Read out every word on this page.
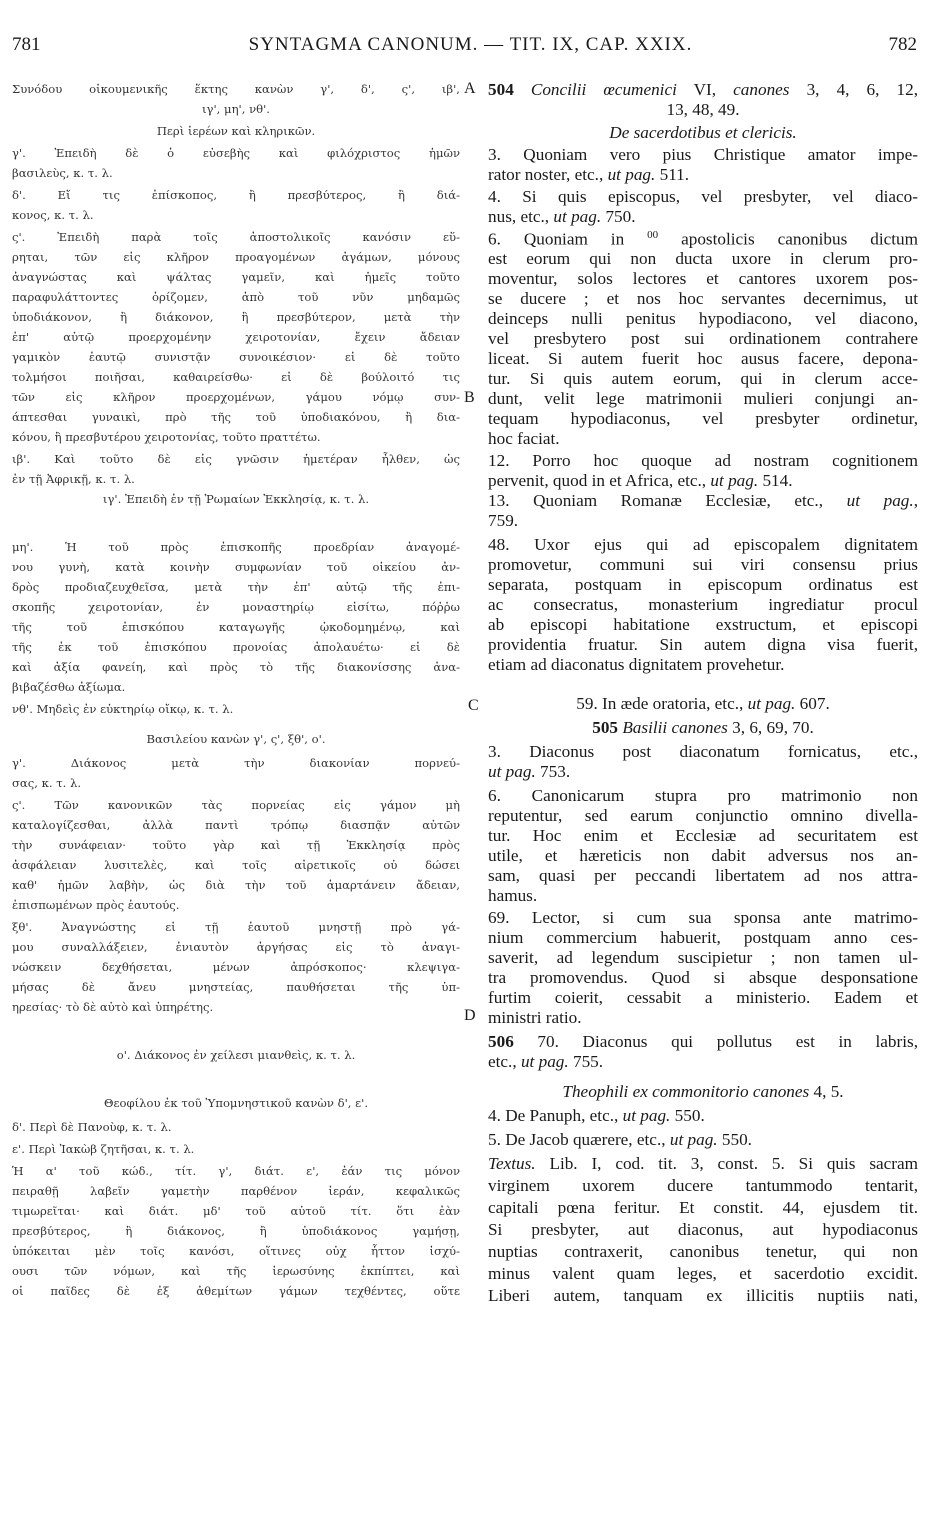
781	SYNTAGMA CANONUM. — TIT. IX, CAP. XXIX.	782
Συνόδου οἰκουμενικῆς ἕκτης κανὼν γ', δ', ς', ιβ',
ιγ', μη', νθ'.
Περὶ ἱερέων καὶ κληρικῶν.
γ'. Ἐπειδὴ δὲ ὁ εὐσεβὴς καὶ φιλόχριστος ἡμῶν
βασιλεὺς, κ. τ. λ.
δ'. Εἴ τις ἐπίσκοπος, ἢ πρεσβύτερος, ἢ διά-
κονος, κ. τ. λ.
ς'. Ἐπειδὴ παρὰ τοῖς ἀποστολικοῖς κανόσιν εὕ-
ρηται, τῶν εἰς κλῆρον προαγομένων ἀγάμων, μόνους
ἀναγνώστας καὶ ψάλτας γαμεῖν, καὶ ἡμεῖς τοῦτο
παραφυλάττοντες ὁρίζομεν, ἀπὸ τοῦ νῦν μηδαμῶς
ὑποδιάκονον, ἢ διάκονον, ἢ πρεσβύτερον, μετὰ τὴν
ἐπ' αὐτῷ προερχομένην χειροτονίαν, ἔχειν ἄδειαν
γαμικὸν ἑαυτῷ συνιστᾷν συνοικέσιον· εἰ δὲ τοῦτο
τολμήσοι ποιῆσαι, καθαιρείσθω· εἰ δὲ βούλοιτό τις
τῶν εἰς κλῆρον προερχομένων, γάμου νόμῳ συν-
άπτεσθαι γυναικὶ, πρὸ τῆς τοῦ ὑποδιακόνου, ἢ δια-
κόνου, ἢ πρεσβυτέρου χειροτονίας, τοῦτο πραττέτω.
ιβ'. Καὶ τοῦτο δὲ εἰς γνῶσιν ἡμετέραν ἦλθεν, ὡς
ἐν τῇ Ἀφρικῇ, κ. τ. λ.
ιγ'. Ἐπειδὴ ἐν τῇ Ῥωμαίων Ἐκκλησίᾳ, κ. τ. λ.
μη'. Ἡ τοῦ πρὸς ἐπισκοπῆς προεδρίαν ἀναγομέ-
νου γυνὴ, κατὰ κοινὴν συμφωνίαν τοῦ οἰκείου ἀν-
δρὸς προδιαζευχθεῖσα, μετὰ τὴν ἐπ' αὐτῷ τῆς ἐπι-
σκοπῆς χειροτονίαν, ἐν μοναστηρίῳ εἰσίτω, πόῤῥω
τῆς τοῦ ἐπισκόπου καταγωγῆς ᾠκοδομημένῳ, καὶ
τῆς ἐκ τοῦ ἐπισκόπου προνοίας ἀπολαυέτω· εἰ δὲ
καὶ ἀξία φανείη, καὶ πρὸς τὸ τῆς διακονίσσης ἀνα-
βιβαζέσθω ἀξίωμα.
νθ'. Μηδεὶς ἐν εὐκτηρίῳ οἴκῳ, κ. τ. λ.
Βασιλείου κανὼν γ', ς', ξθ', ο'.
γ'. Διάκονος μετὰ τὴν διακονίαν πορνεύ-
σας, κ. τ. λ.
ς'. Τῶν κανονικῶν τὰς πορνείας εἰς γάμον μὴ
καταλογίζεσθαι, ἀλλὰ παντὶ τρόπῳ διασπᾷν αὐτῶν
τὴν συνάφειαν· τοῦτο γὰρ καὶ τῇ Ἐκκλησίᾳ πρὸς
ἀσφάλειαν λυσιτελὲς, καὶ τοῖς αἱρετικοῖς οὐ δώσει
καθ' ἡμῶν λαβὴν, ὡς διὰ τὴν τοῦ ἁμαρτάνειν ἄδειαν,
ἐπισπωμένων πρὸς ἑαυτούς.
ξθ'. Ἀναγνώστης εἰ τῇ ἑαυτοῦ μνηστῇ πρὸ γά-
μου συναλλάξειεν, ἐνιαυτὸν ἀργήσας εἰς τὸ ἀναγι-
νώσκειν δεχθήσεται, μένων ἀπρόσκοπος· κλεψιγα-
μήσας δὲ ἄνευ μνηστείας, παυθήσεται τῆς ὑπ-
ηρεσίας· τὸ δὲ αὐτὸ καὶ ὑπηρέτης.
ο'. Διάκονος ἐν χείλεσι μιανθεὶς, κ. τ. λ.
Θεοφίλου ἐκ τοῦ Ὑπομνηστικοῦ κανὼν δ', ε'.
δ'. Περὶ δὲ Πανοὺφ, κ. τ. λ.
ε'. Περὶ Ἰακὼβ ζητῆσαι, κ. τ. λ.
Ἡ α' τοῦ κώδ., τίτ. γ', διάτ. ε', ἐάν τις μόνον
πειραθῇ λαβεῖν γαμετὴν παρθένον ἱεράν, κεφαλικῶς
τιμωρεῖται· καὶ διάτ. μδ' τοῦ αὐτοῦ τίτ. ὅτι ἐὰν
πρεσβύτερος, ἢ διάκονος, ἢ ὑποδιάκονος γαμήσῃ,
ὑπόκειται μὲν τοῖς κανόσι, οἵτινες οὐχ ἧττον ἰσχύ-
ουσι τῶν νόμων, καὶ τῆς ἱερωσύνης ἐκπίπτει, καὶ
οἱ παῖδες δὲ ἐξ ἀθεμίτων γάμων τεχθέντες, οὕτε
504 Concilii œcumenici VI, canones 3, 4, 6, 12,
13, 48, 49.
De sacerdotibus et clericis.
3. Quoniam vero pius Christique amator impe-
rator noster, etc., ut pag. 511.
4. Si quis episcopus, vel presbyter, vel diaco-
nus, etc., ut pag. 750.
6. Quoniam in $^{00}$ apostolicis canonibus dictum
est eorum qui non ducta uxore in clerum pro-
moventur, solos lectores et cantores uxorem pos-
se ducere ; et nos hoc servantes decernimus, ut
deinceps nulli penitus hypodiacono, vel diacono,
vel presbytero post sui ordinationem contrahere
liceat. Si autem fuerit hoc ausus facere, depona-
tur. Si quis autem eorum, qui in clerum acce-
dunt, velit lege matrimonii mulieri conjungi an-
tequam hypodiaconus, vel presbyter ordinetur,
hoc faciat.
12. Porro hoc quoque ad nostram cognitionem
pervenit, quod in et Africa, etc., ut pag. 514.
13. Quoniam Romanæ Ecclesiæ, etc., ut pag.,
759.
48. Uxor ejus qui ad episcopalem dignitatem
promovetur, communi sui viri consensu prius
separata, postquam in episcopum ordinatus est
ac consecratus, monasterium ingrediatur procul
ab episcopi habitatione exstructum, et episcopi
providentia fruatur. Sin autem digna visa fuerit,
etiam ad diaconatus dignitatem provehetur.
59. In æde oratoria, etc., ut pag. 607.
505 Basilii canones 3, 6, 69, 70.
3. Diaconus post diaconatum fornicatus, etc.,
ut pag. 753.
6. Canonicarum stupra pro matrimonio non
reputentur, sed earum conjunctio omnino divella-
tur. Hoc enim et Ecclesiæ ad securitatem est
utile, et hæreticis non dabit adversus nos an-
sam, quasi per peccandi libertatem ad nos attra-
hamus.
69. Lector, si cum sua sponsa ante matrimo-
nium commercium habuerit, postquam anno ces-
saverit, ad legendum suscipietur ; non tamen ul-
tra promovendus. Quod si absque desponsatione
furtim coierit, cessabit a ministerio. Eadem et
ministri ratio.
506 70. Diaconus qui pollutus est in labris,
etc., ut pag. 755.
Theophili ex commonitorio canones 4, 5.
4. De Panuph, etc., ut pag. 550.
5. De Jacob quærere, etc., ut pag. 550.
Textus. Lib. I, cod. tit. 3, const. 5. Si quis sacram
virginem uxorem ducere tantummodo tentarit,
capitali pœna feritur. Et constit. 44, ejusdem tit.
Si presbyter, aut diaconus, aut hypodiaconus
nuptias contraxerit, canonibus tenetur, qui non
minus valent quam leges, et sacerdotio excidit.
Liberi autem, tanquam ex illicitis nuptiis nati,
A
B
C
D
